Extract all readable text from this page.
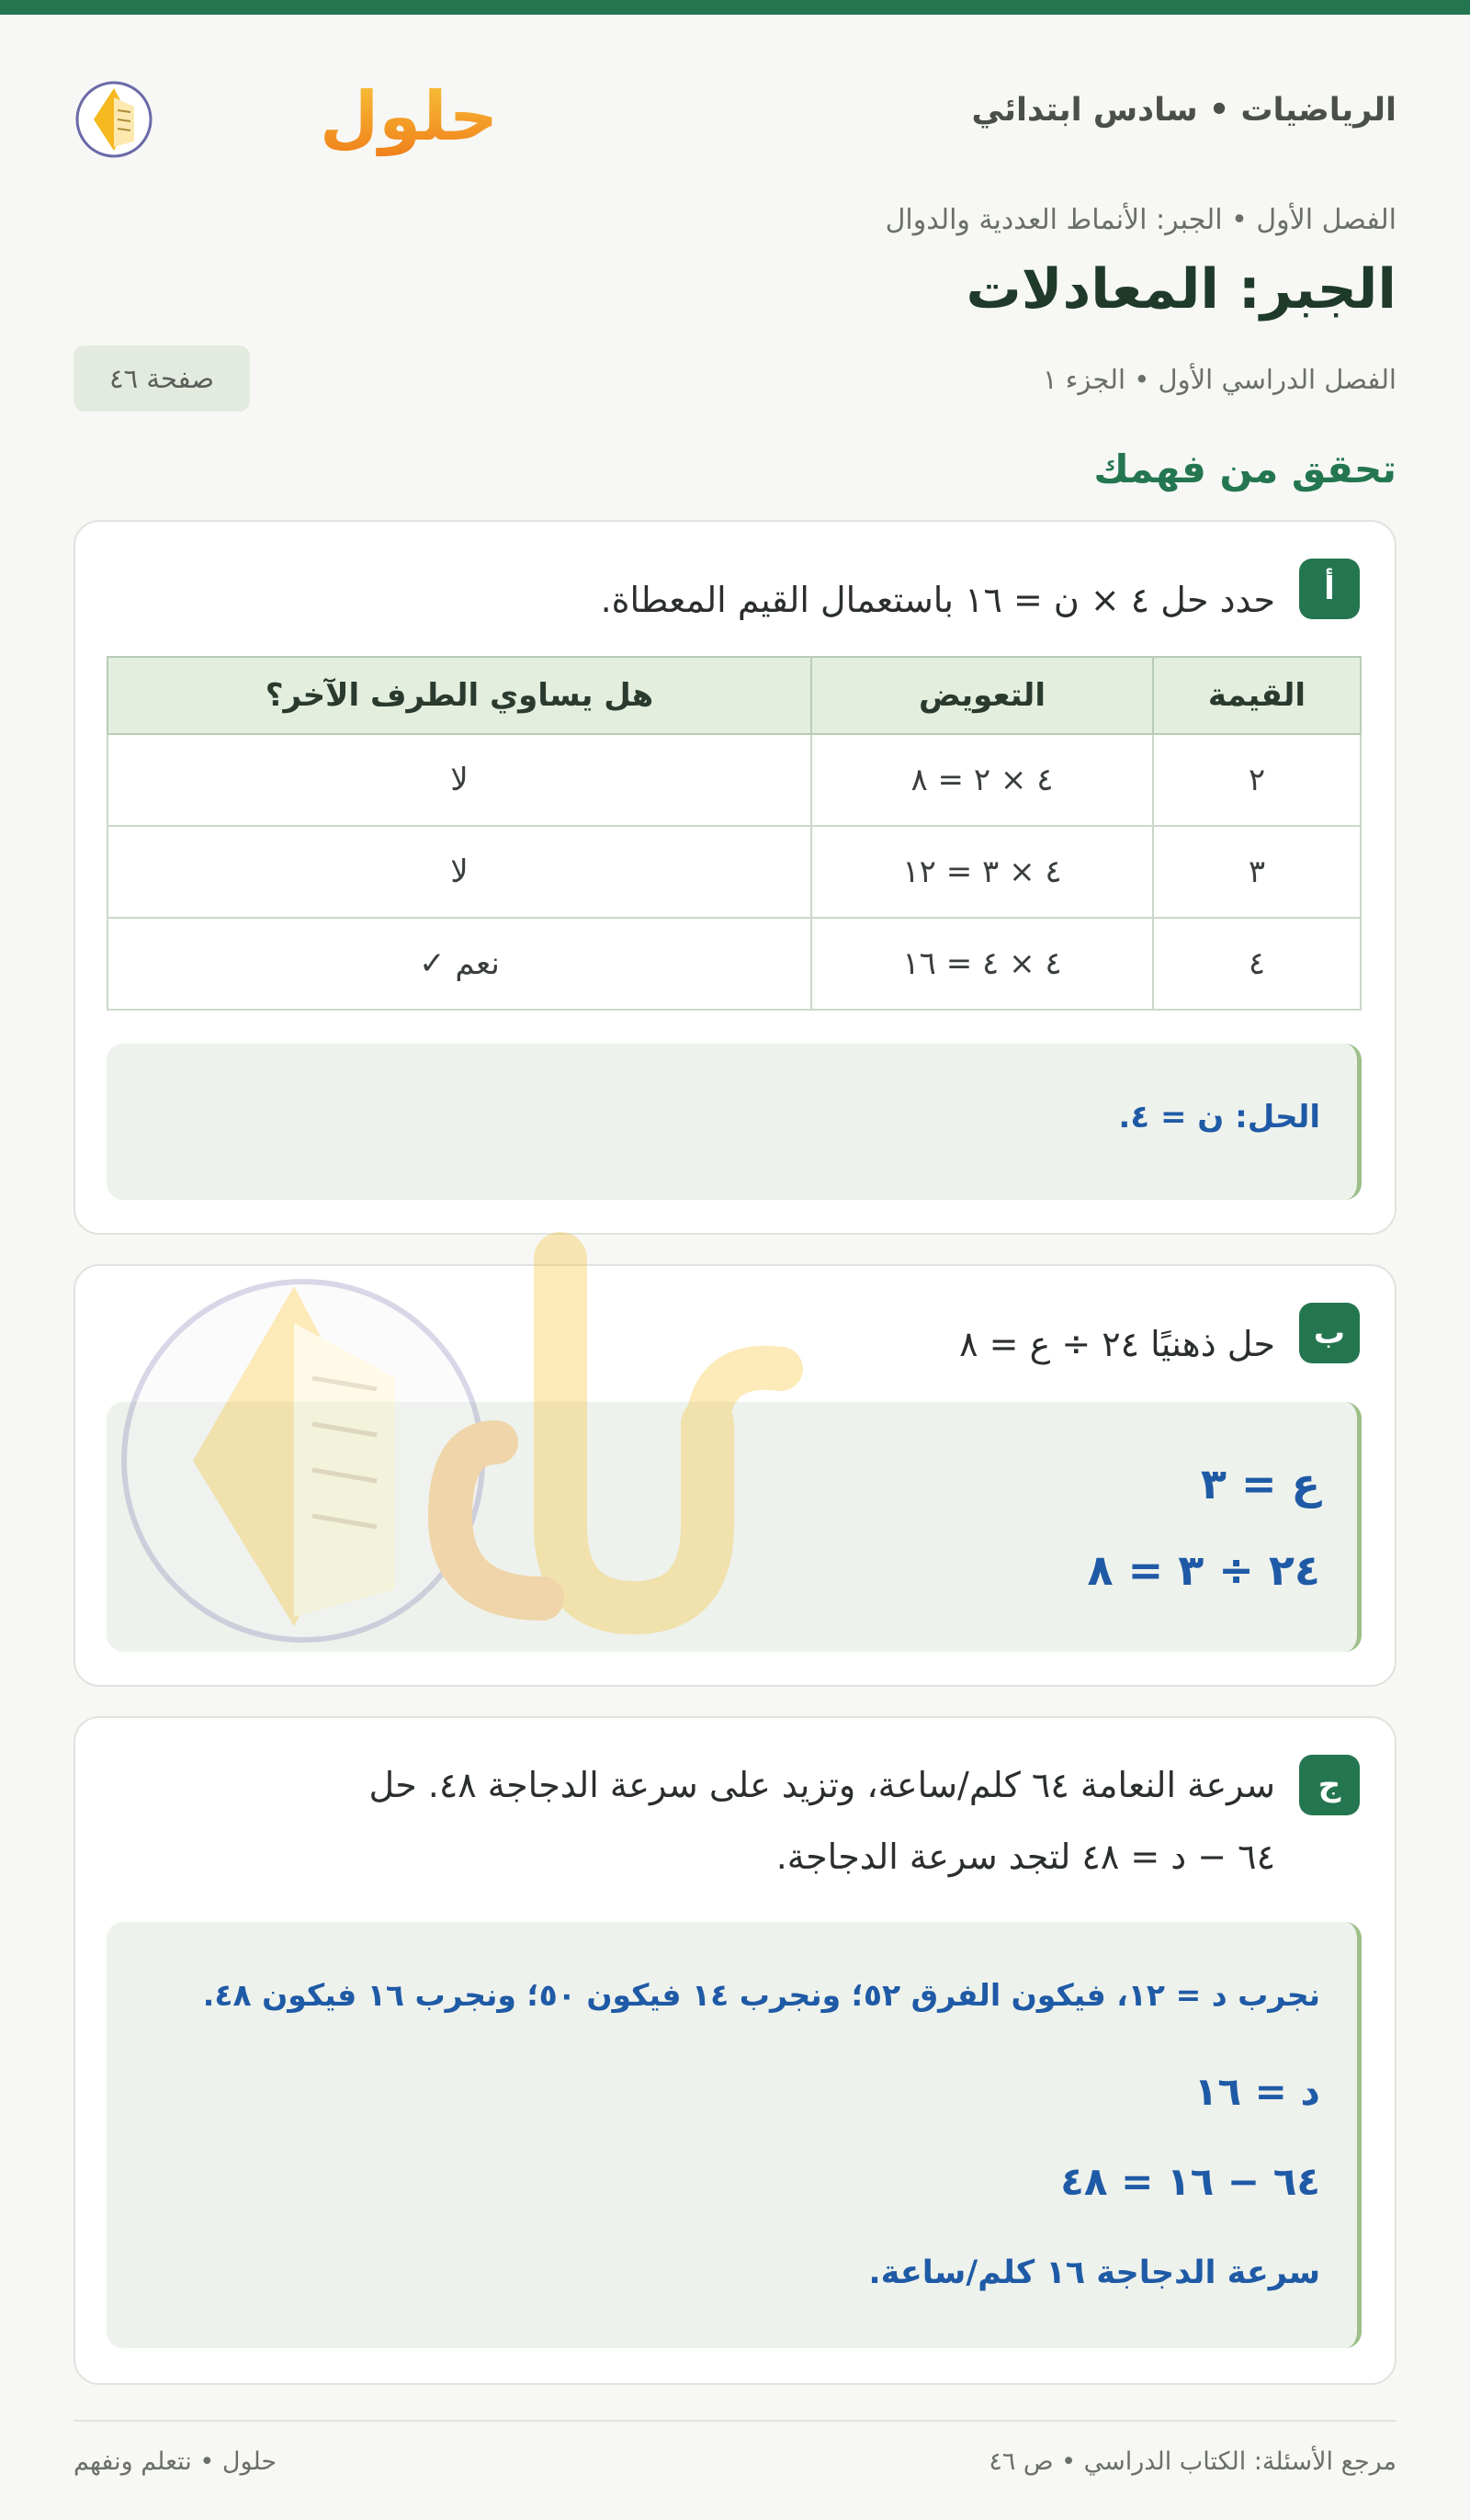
الرياضيات • سادس ابتدائي
حلول
الفصل الأول • الجبر: الأنماط العددية والدوال
الجبر: المعادلات
الفصل الدراسي الأول • الجزء ١
صفحة ٤٦
تحقق من فهمك
أ
حدد حل ٤ × ن = ١٦ باستعمال القيم المعطاة.
القيمة	التعويض	هل يساوي الطرف الآخر؟
٢	٤ × ٢ = ٨	لا
٣	٤ × ٣ = ١٢	لا
٤	٤ × ٤ = ١٦	نعم ✓
الحل: ن = ٤.
ب
حل ذهنيًا ٢٤ ÷ ع = ٨
ع = ٣
٢٤ ÷ ٣ = ٨
ج
سرعة النعامة ٦٤ كلم/ساعة، وتزيد على سرعة الدجاجة ٤٨. حل
٦٤ − د = ٤٨ لتجد سرعة الدجاجة.
نجرب د = ١٢، فيكون الفرق ٥٢؛ ونجرب ١٤ فيكون ٥٠؛ ونجرب ١٦ فيكون ٤٨.
د = ١٦
٦٤ − ١٦ = ٤٨
سرعة الدجاجة ١٦ كلم/ساعة.
مرجع الأسئلة: الكتاب الدراسي • ص ٤٦
حلول • نتعلم ونفهم
